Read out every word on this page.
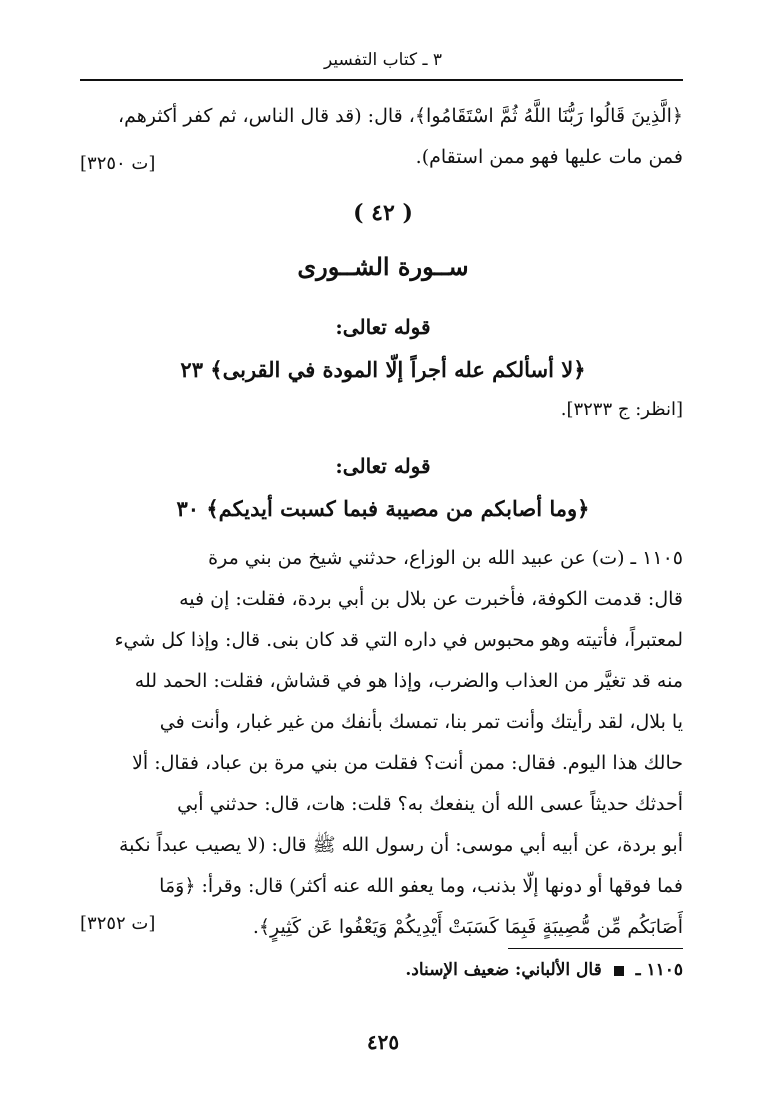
٣ ـ كتاب التفسير
﴿الَّذِينَ قَالُوا رَبُّنَا اللَّهُ ثُمَّ اسْتَقَامُوا﴾، قال: (قد قال الناس، ثم كفر أكثرهم،
فمن مات عليها فهو ممن استقام).
[ت ٣٢٥٠]
( ٤٢ )
ســورة الشــورى
قوله تعالى:
﴿لا أسألكم عله أجراً إلّا المودة في القربى﴾ ٢٣
[انظر: ج ٣٢٣٣].
قوله تعالى:
﴿وما أصابكم من مصيبة فبما كسبت أيديكم﴾ ٣٠
١١٠٥ ـ (ت) عن عبيد الله بن الوزاع، حدثني شيخ من بني مرة
قال: قدمت الكوفة، فأخبرت عن بلال بن أبي بردة، فقلت: إن فيه
لمعتبراً، فأتيته وهو محبوس في داره التي قد كان بنى. قال: وإذا كل شيء
منه قد تغيَّر من العذاب والضرب، وإذا هو في قشاش، فقلت: الحمد لله
يا بلال، لقد رأيتك وأنت تمر بنا، تمسك بأنفك من غير غبار، وأنت في
حالك هذا اليوم. فقال: ممن أنت؟ فقلت من بني مرة بن عباد، فقال: ألا
أحدثك حديثاً عسى الله أن ينفعك به؟ قلت: هات، قال: حدثني أبي
أبو بردة، عن أبيه أبي موسى: أن رسول الله ﷺ قال: (لا يصيب عبداً نكبة
فما فوقها أو دونها إلّا بذنب، وما يعفو الله عنه أكثر) قال: وقرأ: ﴿وَمَا
أَصَابَكُم مِّن مُّصِيبَةٍ فَبِمَا كَسَبَتْ أَيْدِيكُمْ وَيَعْفُوا عَن كَثِيرٍ﴾.
[ت ٣٢٥٢]
١١٠٥ ـ  قال الألباني: ضعيف الإسناد.
٤٢٥
